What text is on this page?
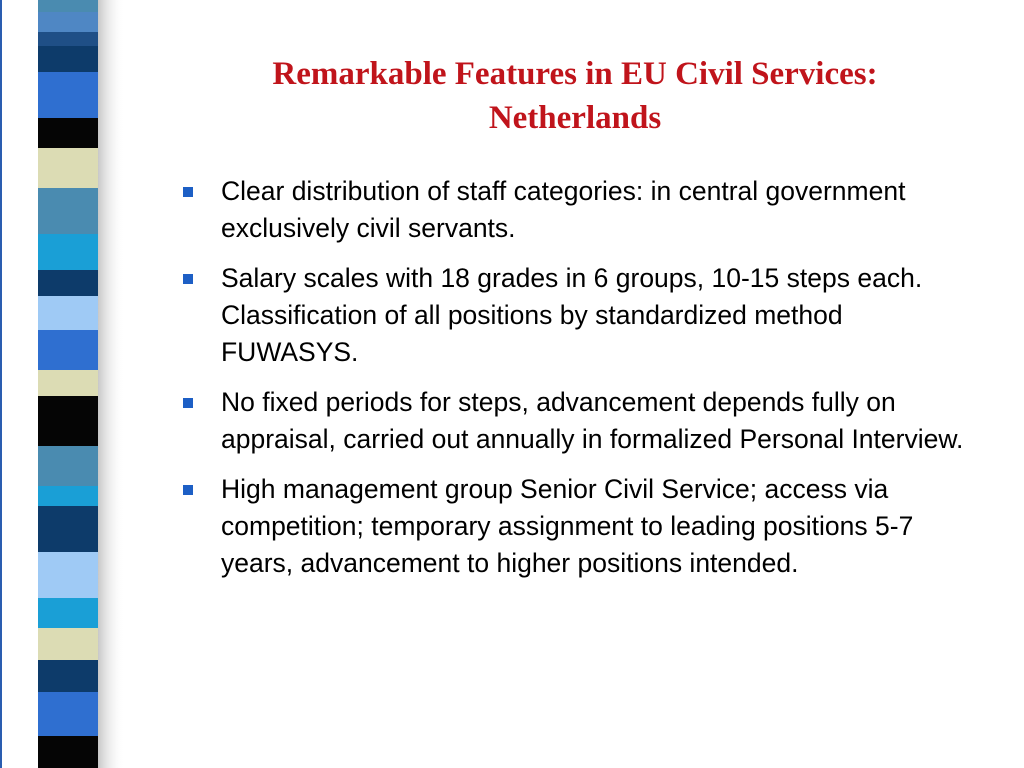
Remarkable Features in EU Civil Services:
Netherlands
Clear distribution of staff categories: in central government exclusively civil servants.
Salary scales with 18 grades in 6 groups, 10-15 steps each. Classification of all positions by standardized method FUWASYS.
No fixed periods for steps, advancement depends fully on appraisal, carried out annually in formalized Personal Interview.
High management group Senior Civil Service; access via competition; temporary assignment to leading positions 5-7 years, advancement to higher positions intended.
